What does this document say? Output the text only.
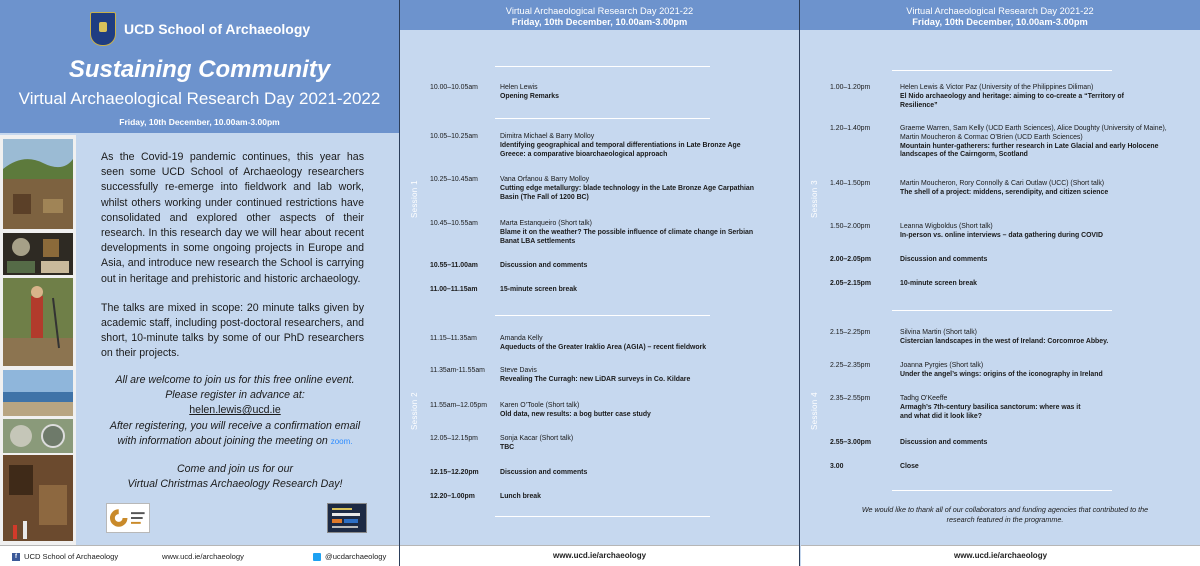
UCD School of Archaeology
Sustaining Community
Virtual Archaeological Research Day 2021-2022
Friday, 10th December, 10.00am-3.00pm

As the Covid-19 pandemic continues, this year has seen some UCD School of Archaeology researchers successfully re-emerge into fieldwork and lab work, whilst others working under continued restrictions have consolidated and explored other aspects of their research. In this research day we will hear about recent developments in some ongoing projects in Europe and Asia, and introduce new research the School is carrying out in heritage and prehistoric and historic archaeology.

The talks are mixed in scope: 20 minute talks given by academic staff, including post-doctoral researchers, and short, 10-minute talks by some of our PhD researchers on their projects.

All are welcome to join us for this free online event.
Please register in advance at:
helen.lewis@ucd.ie
After registering, you will receive a confirmation email
with information about joining the meeting on zoom.
Come and join us for our
Virtual Christmas Archaeology Research Day!
Virtual Archaeological Research Day 2021-22
Friday, 10th December, 10.00am-3.00pm
Session 1
Session 2
10.00–10.05am	Helen Lewis
Opening Remarks
10.05–10.25am	Dimitra Michael & Barry Molloy
Identifying geographical and temporal differentiations in Late Bronze Age Greece: a comparative bioarchaeological approach
10.25–10.45am	Vana Orfanou & Barry Molloy
Cutting edge metallurgy: blade technology in the Late Bronze Age Carpathian Basin (The Fall of 1200 BC)
10.45–10.55am	Marta Estanqueiro (Short talk)
Blame it on the weather? The possible influence of climate change in Serbian Banat LBA settlements
10.55–11.00am	Discussion and comments
11.00–11.15am	15-minute screen break
11.15–11.35am	Amanda Kelly
Aqueducts of the Greater Iraklio Area (AGIA) – recent fieldwork
11.35am-11.55am	Steve Davis
Revealing The Curragh: new LiDAR surveys in Co. Kildare
11.55am–12.05pm	Karen O’Toole (Short talk)
Old data, new results: a bog butter case study
12.05–12.15pm	Sonja Kacar (Short talk)
TBC
12.15–12.20pm	Discussion and comments
12.20–1.00pm	Lunch break
Virtual Archaeological Research Day 2021-22
Friday, 10th December, 10.00am-3.00pm
Session 3
Session 4
1.00–1.20pm	Helen Lewis & Victor Paz (University of the Philippines Diliman)
El Nido archaeology and heritage: aiming to co-create a “Territory of Resilience”
1.20–1.40pm	Graeme Warren, Sam Kelly (UCD Earth Sciences), Alice Doughty (University of Maine), Martin Moucheron & Cormac O’Brien (UCD Earth Sciences)
Mountain hunter-gatherers: further research in Late Glacial and early Holocene landscapes of the Cairngorm, Scotland
1.40–1.50pm	Martin Moucheron, Rory Connolly & Cari Outlaw (UCC) (Short talk)
The shell of a project: middens, serendipity, and citizen science
1.50–2.00pm	Leanna Wigboldus (Short talk)
In-person vs. online interviews – data gathering during COVID
2.00–2.05pm	Discussion and comments
2.05–2.15pm	10-minute screen break
2.15–2.25pm	Silvina Martin (Short talk)
Cistercian landscapes in the west of Ireland: Corcomroe Abbey.
2.25–2.35pm	Joanna Pyrgies (Short talk)
Under the angel’s wings: origins of the iconography in Ireland
2.35–2.55pm	Tadhg O’Keeffe
Armagh’s 7th-century basilica sanctorum: where was it and what did it look like?
2.55–3.00pm	Discussion and comments
3.00	Close
We would like to thank all of our collaborators and funding agencies that contributed to the research featured in the programme.
f UCD School of Archaeology	www.ucd.ie/archaeology	@ucdarchaeology	www.ucd.ie/archaeology	www.ucd.ie/archaeology
